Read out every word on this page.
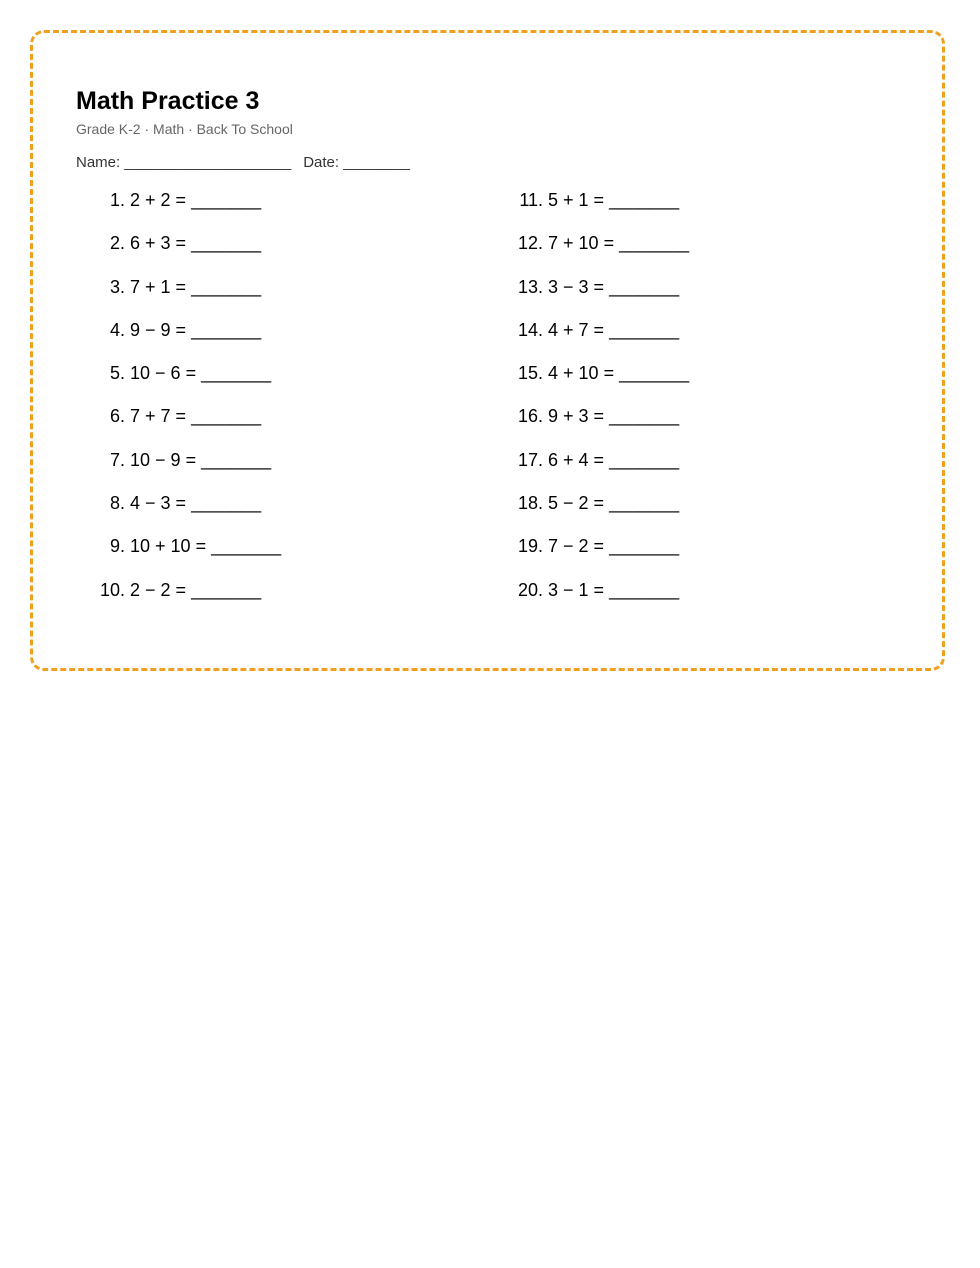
Math Practice 3
Grade K-2 · Math · Back To School
Name: ____________________ Date: ________
1. 2 + 2 = _______
2. 6 + 3 = _______
3. 7 + 1 = _______
4. 9 − 9 = _______
5. 10 − 6 = _______
6. 7 + 7 = _______
7. 10 − 9 = _______
8. 4 − 3 = _______
9. 10 + 10 = _______
10. 2 − 2 = _______
11. 5 + 1 = _______
12. 7 + 10 = _______
13. 3 − 3 = _______
14. 4 + 7 = _______
15. 4 + 10 = _______
16. 9 + 3 = _______
17. 6 + 4 = _______
18. 5 − 2 = _______
19. 7 − 2 = _______
20. 3 − 1 = _______
